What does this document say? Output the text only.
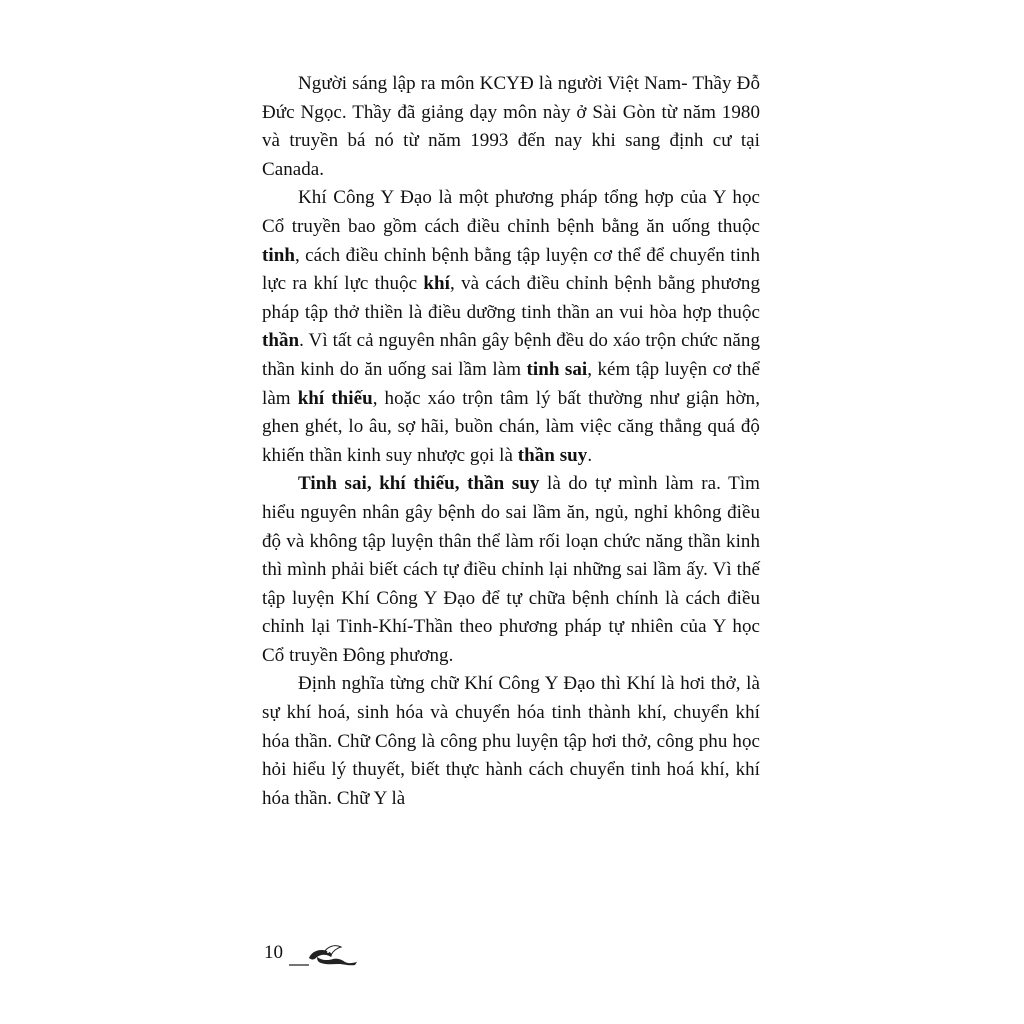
Người sáng lập ra môn KCYĐ là người Việt Nam- Thầy Đỗ Đức Ngọc. Thầy đã giảng dạy môn này ở Sài Gòn từ năm 1980 và truyền bá nó từ năm 1993 đến nay khi sang định cư tại Canada.

Khí Công Y Đạo là một phương pháp tổng hợp của Y học Cổ truyền bao gồm cách điều chỉnh bệnh bằng ăn uống thuộc tinh, cách điều chỉnh bệnh bằng tập luyện cơ thể để chuyển tinh lực ra khí lực thuộc khí, và cách điều chỉnh bệnh bằng phương pháp tập thở thiền là điều dưỡng tinh thần an vui hòa hợp thuộc thần. Vì tất cả nguyên nhân gây bệnh đều do xáo trộn chức năng thần kinh do ăn uống sai lầm làm tinh sai, kém tập luyện cơ thể làm khí thiếu, hoặc xáo trộn tâm lý bất thường như giận hờn, ghen ghét, lo âu, sợ hãi, buồn chán, làm việc căng thẳng quá độ khiến thần kinh suy nhược gọi là thần suy.

Tinh sai, khí thiếu, thần suy là do tự mình làm ra. Tìm hiểu nguyên nhân gây bệnh do sai lầm ăn, ngủ, nghỉ không điều độ và không tập luyện thân thể làm rối loạn chức năng thần kinh thì mình phải biết cách tự điều chỉnh lại những sai lầm ấy. Vì thế tập luyện Khí Công Y Đạo để tự chữa bệnh chính là cách điều chỉnh lại Tinh-Khí-Thần theo phương pháp tự nhiên của Y học Cổ truyền Đông phương.

Định nghĩa từng chữ Khí Công Y Đạo thì Khí là hơi thở, là sự khí hoá, sinh hóa và chuyển hóa tinh thành khí, chuyển khí hóa thần. Chữ Công là công phu luyện tập hơi thở, công phu học hỏi hiểu lý thuyết, biết thực hành cách chuyển tinh hoá khí, khí hóa thần. Chữ Y là

10
